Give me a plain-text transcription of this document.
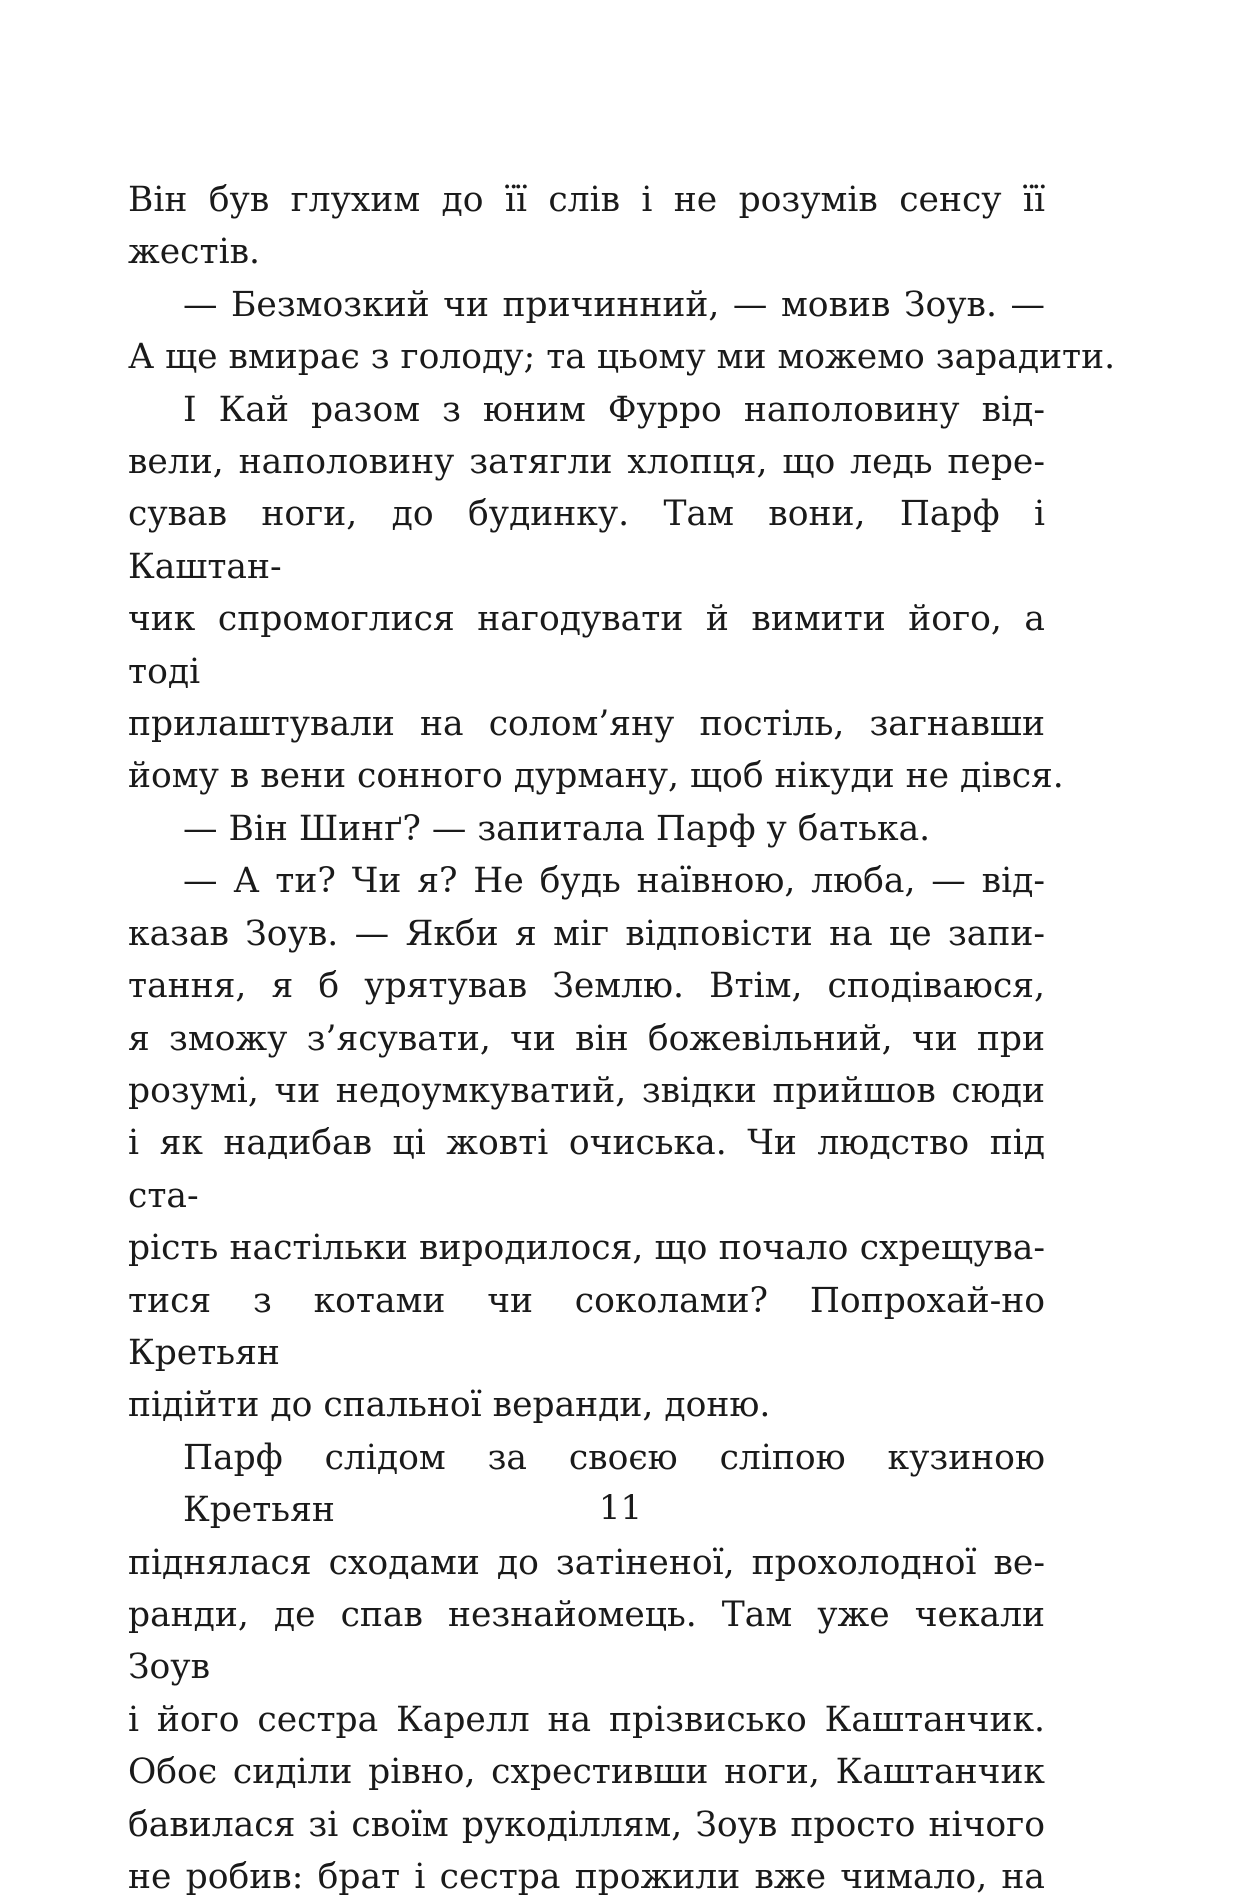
Він був глухим до її слів і не розумів сенсу її
жестів.

— Безмозкий чи причинний, — мовив Зоув. —
А ще вмирає з голоду; та цьому ми можемо зарадити.

І Кай разом з юним Фурро наполовину від-
вели, наполовину затягли хлопця, що ледь пере-
сував ноги, до будинку. Там вони, Парф і Каштан-
чик спромоглися нагодувати й вимити його, а тоді
прилаштували на солом’яну постіль, загнавши
йому в вени сонного дурману, щоб нікуди не дівся.

— Він Шинґ? — запитала Парф у батька.

— А ти? Чи я? Не будь наївною, люба, — від-
казав Зоув. — Якби я міг відповісти на це запи-
тання, я б урятував Землю. Втім, сподіваюся,
я зможу з’ясувати, чи він божевільний, чи при
розумі, чи недоумкуватий, звідки прийшов сюди
і як надибав ці жовті очиська. Чи людство під ста-
рість настільки виродилося, що почало схрещува-
тися з котами чи соколами? Попрохай-но Кретьян
підійти до спальної веранди, доню.

Парф слідом за своєю сліпою кузиною Кретьян
піднялася сходами до затіненої, прохолодної ве-
ранди, де спав незнайомець. Там уже чекали Зоув
і його сестра Карелл на прізвисько Каштанчик.
Обоє сиділи рівно, схрестивши ноги, Каштанчик
бавилася зі своїм рукоділлям, Зоув просто нічого
не робив: брат і сестра прожили вже чимало, на

11
